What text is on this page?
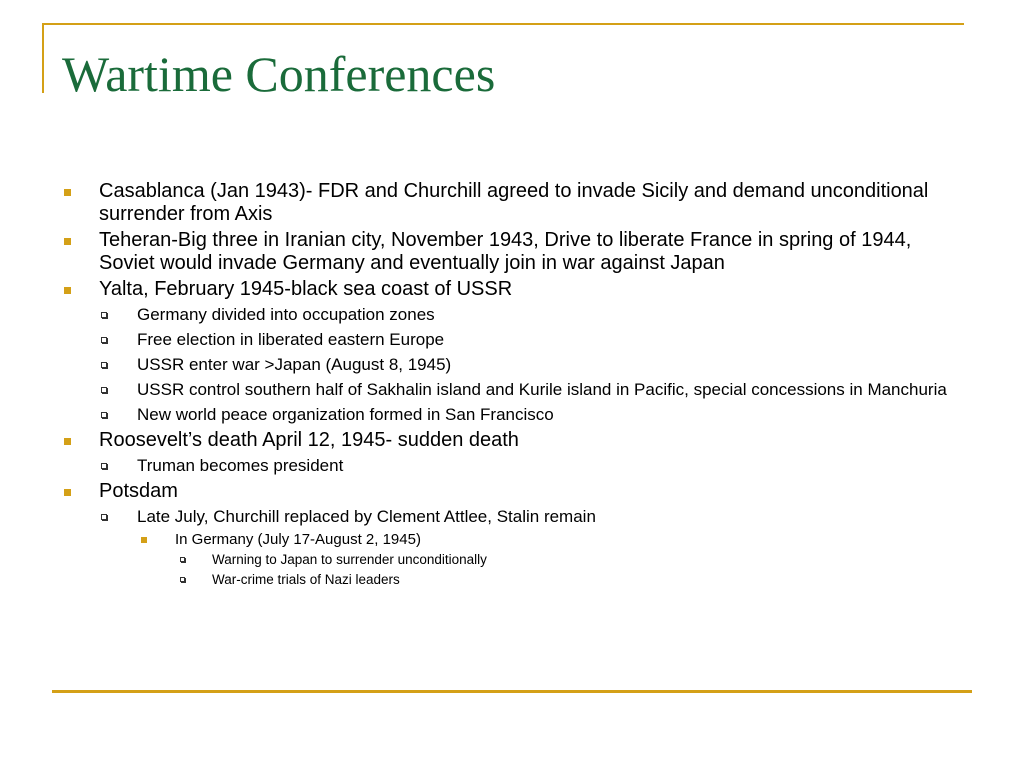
Wartime Conferences
Casablanca (Jan 1943)- FDR and Churchill agreed to invade Sicily and demand unconditional surrender from Axis
Teheran-Big three in Iranian city, November 1943, Drive to liberate France in spring of 1944, Soviet would invade Germany and eventually join in war against Japan
Yalta, February 1945-black sea coast of USSR
Germany divided into occupation zones
Free election in liberated eastern Europe
USSR enter war >Japan (August 8, 1945)
USSR control southern half of Sakhalin island and Kurile island in Pacific, special concessions in Manchuria
New world peace organization formed in San Francisco
Roosevelt’s death April 12, 1945- sudden death
Truman becomes president
Potsdam
Late July, Churchill replaced by Clement Attlee, Stalin remain
In Germany (July 17-August 2, 1945)
Warning to Japan to surrender unconditionally
War-crime trials of Nazi leaders
